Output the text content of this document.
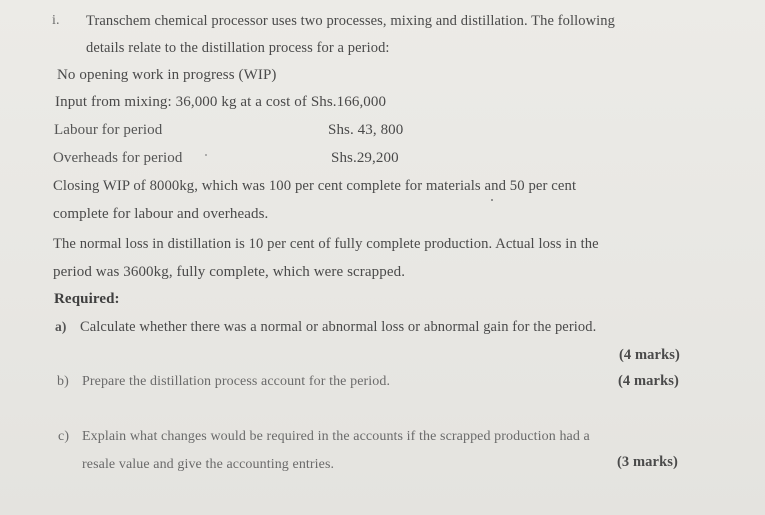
i. Transchem chemical processor uses two processes, mixing and distillation. The following
details relate to the distillation process for a period:
No opening work in progress (WIP)
Input from mixing: 36,000 kg at a cost of Shs.166,000
Labour for period	Shs. 43, 800
Overheads for period	Shs.29,200
Closing WIP of 8000kg, which was 100 per cent complete for materials and 50 per cent
complete for labour and overheads.
The normal loss in distillation is 10 per cent of fully complete production. Actual loss in the
period was 3600kg, fully complete, which were scrapped.
Required:
a) Calculate whether there was a normal or abnormal loss or abnormal gain for the period.
(4 marks)
b) Prepare the distillation process account for the period.	(4 marks)
c) Explain what changes would be required in the accounts if the scrapped production had a
resale value and give the accounting entries.	(3 marks)
